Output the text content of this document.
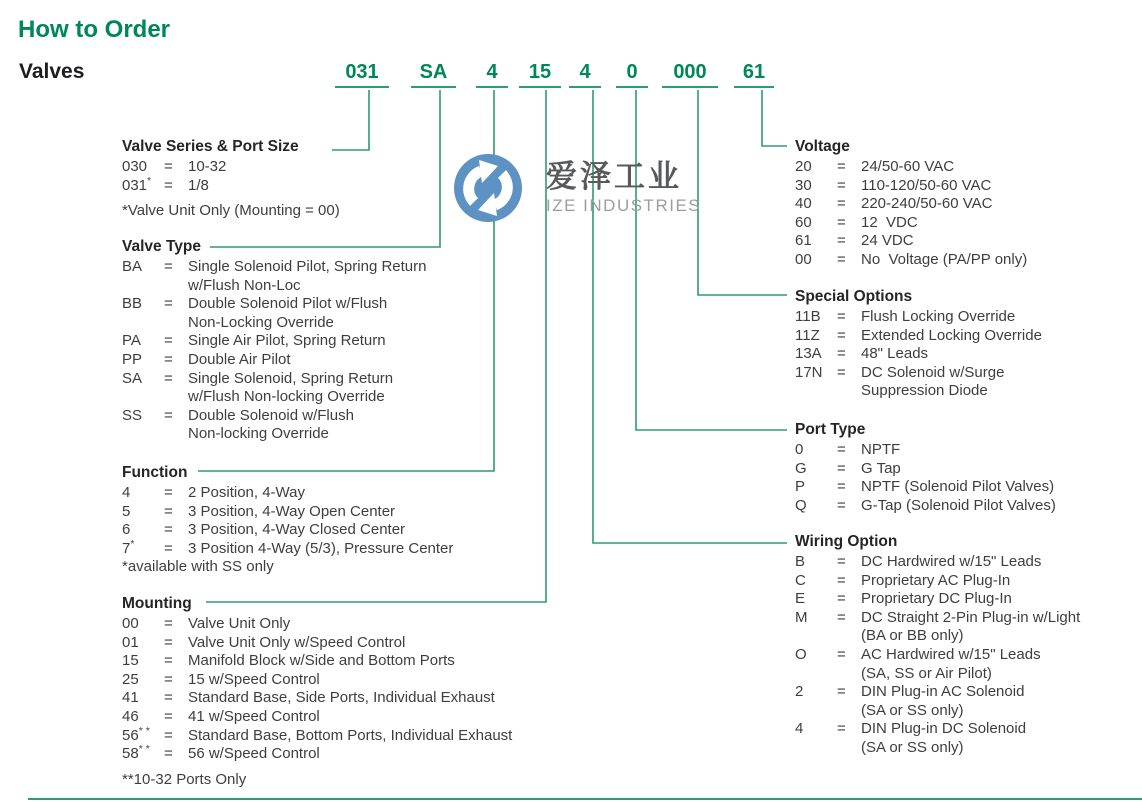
How to Order
Valves	031	SA	4	15	4	0	000	61
爱泽工业
IZE INDUSTRIES
Valve Series & Port Size
030	=	10-32
031* =	1/8
*Valve Unit Only (Mounting = 00)
Valve Type
BA	=	Single Solenoid Pilot, Spring Return
w/Flush Non-Loc
BB	=	Double Solenoid Pilot w/Flush
Non-Locking Override
PA	=	Single Air Pilot, Spring Return
PP	=	Double Air Pilot
SA	=	Single Solenoid, Spring Return
w/Flush Non-locking Override
SS	=	Double Solenoid w/Flush
Non-locking Override
Function
4	=	2 Position, 4-Way
5	=	3 Position, 4-Way Open Center
6	=	3 Position, 4-Way Closed Center
7*	=	3 Position 4-Way (5/3), Pressure Center
*available with SS only
Mounting
00	=	Valve Unit Only
01	=	Valve Unit Only w/Speed Control
15	=	Manifold Block w/Side and Bottom Ports
25	=	15 w/Speed Control
41	=	Standard Base, Side Ports, Individual Exhaust
46	=	41 w/Speed Control
56* * =	Standard Base, Bottom Ports, Individual Exhaust
58* * =	56 w/Speed Control
**10-32 Ports Only
Voltage
20	=	24/50-60 VAC
30	=	110-120/50-60 VAC
40	=	220-240/50-60 VAC
60	=	12  VDC
61	=	24 VDC
00	=	No  Voltage (PA/PP only)
Special Options
11B	=	Flush Locking Override
11Z	=	Extended Locking Override
13A	=	48" Leads
17N =	DC Solenoid w/Surge
Suppression Diode
Port Type
0	=	NPTF
G	=	G Tap
P	=	NPTF (Solenoid Pilot Valves)
Q	=	G-Tap (Solenoid Pilot Valves)
Wiring Option
B	=	DC Hardwired w/15" Leads
C	=	Proprietary AC Plug-In
E	=	Proprietary DC Plug-In
M	=	DC Straight 2-Pin Plug-in w/Light
(BA or BB only)
O	=	AC Hardwired w/15" Leads
(SA, SS or Air Pilot)
2	=	DIN Plug-in AC Solenoid
(SA or SS only)
4	=	DIN Plug-in DC Solenoid
(SA or SS only)
